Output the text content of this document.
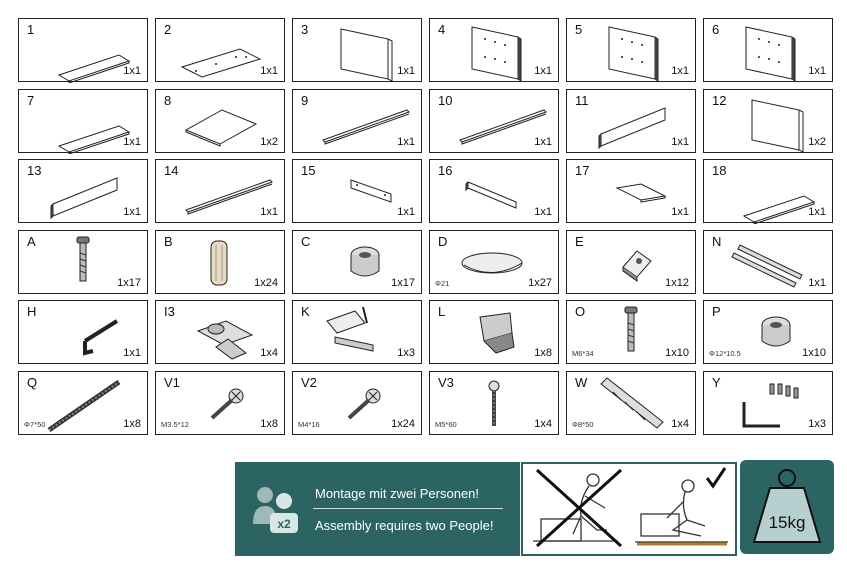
1
1x1
2
1x1
3
1x1
4
1x1
5
1x1
6
1x1
7
1x1
8
1x2
9
1x1
10
1x1
11
1x1
12
1x2
13
1x1
14
1x1
15
1x1
16
1x1
17
1x1
18
1x1
A
1x17
B
1x24
C
1x17
D
1x27
Φ21
E
1x12
N
1x1
H
1x1
I3
1x4
K
1x3
L
1x8
O
1x10
M6*34
P
1x10
Φ12*10.5
Q
1x8
Φ7*50
V1
1x8
M3.5*12
V2
1x24
M4*16
V3
1x4
M5*60
W
1x4
Φ8*50
Y
1x3
x2
Montage mit zwei Personen!
Assembly requires two People!	15kg
